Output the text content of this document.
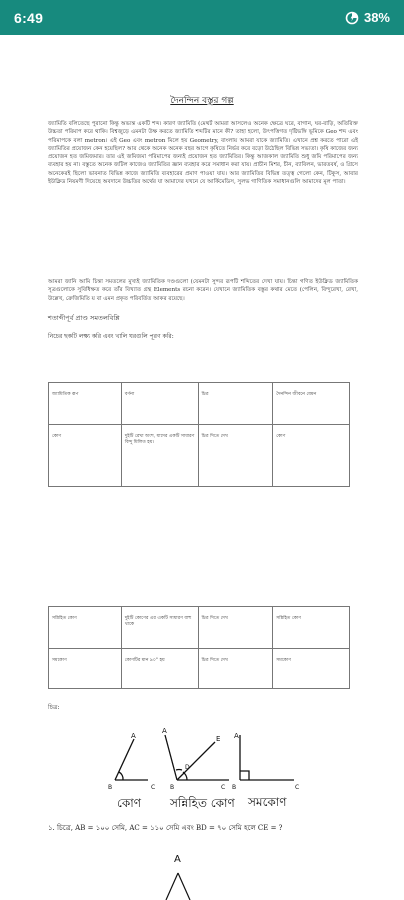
6:49	38%
দৈনন্দিন বস্তুর গল্প
জ্যামিতি বলিতেছে পুরানো কিন্তু অভ্যন্ত একটি শব্দ। কারণ জ্যামিতি (মেথর্ট আমরা আসলেও অনেক ক্ষেত্রে ঘরে, বাগান, ঘর-বাড়ি, অতিরিক্ত উচ্চতা পরিমাপ করে থাকি। বিশ্বজুড়ে এমনটা উক্ষ করতে জ্যামিতি শব্দটির মানে কী? তাহা হলো, উৎপত্তিগত দৃষ্টিভঙ্গি ভূমিকে Geo শব্দ এবং পরিমাপকে বলা metron। এই Geo এবং metron মিলে হয় Geometry, বাংলায় আমরা যাকে জ্যামিতি। এখানে প্রশ্ন করতে পারো এই জ্যামিতির প্রয়োজন কেন হয়েছিল? আর থেকে অনেক অনেক বছর আগে কৃষিতে নির্ভর করে বড়ো উঠেছিল বিভিন্ন সভ্যতা। কৃষি কাজের জন্য প্রয়োজন হত জমিজমার। তার এই জমিজমা পরিমাপের জন্যই প্রয়োজন হত জ্যামিতির। কিন্তু আজকাল জ্যামিতি শুধু জমি পরিমাপের জন্য ব্যবহার হয় না। বস্তুতে অনেক জটিল কাজেও জ্যামিতির জ্ঞান ব্যবহার করে সমাধান করা যায়। প্রাচীন মিশর, চীন, ব্যাবিলন, ভারতবর্ষ, ও গ্রিসে অনেকেরই ছিলো ভাবনাত বিভিন্ন কাজে জ্যামিতি ব্যবহারের প্রমাণ পাওয়া যায়। আর জ্যামিতির বিভিন্ন তত্ত্ব গেলো কেন, টিকুস, আবার ইউক্লিড নিয়মণী দিয়েছে অবদানে উচ্চতির অর্থের যা আমাদের যখনে যে আর্কিমেডিস, সুলভ গাণিতিক সমাধানগুলি আমাদের মূল পাতা।
আমরা জানি আমি চিন্তা সমতলের মুখ্যই জ্যামিতিক দণ্ডগুলো (যেমনটা সুন্দর রূপটি শব্দিতের দেখা যায়। চিন্তা গণিত ইউক্লিড জ্যামিতিক সূত্রগুলোকে সুবিধিক্ষত করে তাঁর বিখ্যাত গ্রন্থ Elements রচনা করেন। যেখানে জ্যামিতিক বস্তুর কথার মেতে (পেলিন, বিন্দুরেখা, রেখা, উল্লেখ, ক্রেজিমিতি য় বা এমন প্রকৃত পরিবর্তিত আকর রয়েছে।
শতাব্দীপূর্ব প্রাণ্ড সমতলবিশ্লি
নিচের ছকটি লক্ষ্য করি এবং খালি ঘরগুলি পূরণ করি:
জ্যামিতিক রূপ	বর্ণনা	চিত্র	দৈনন্দিন জীবনে যেমন
কোণ	দুইটি রেখা অংশ, যাদের একটি সাধারণ বিন্দু মিলিত হয়।	চিত্র দিতে দেখ	কোণ
সন্নিহিত কোণ	দুইটি কোণের এর একটি সাধারণ বাহু থাকে	চিত্র দিতে দেখ	সন্নিহিত কোণ
সমকোণ	কোণটির মান ৯০° হয়	চিত্র দিতে দেখ	সমকোণ
চিত্র:
A
B	C
কোণ
A
E
D
B	C
সন্নিহিত কোণ
A
B	C
সমকোণ
A
১. চিত্রে, AB = ১০০ সেমি, AC = ১১০ সেমি এবং BD = ৭০ সেমি হলে CE = ?
